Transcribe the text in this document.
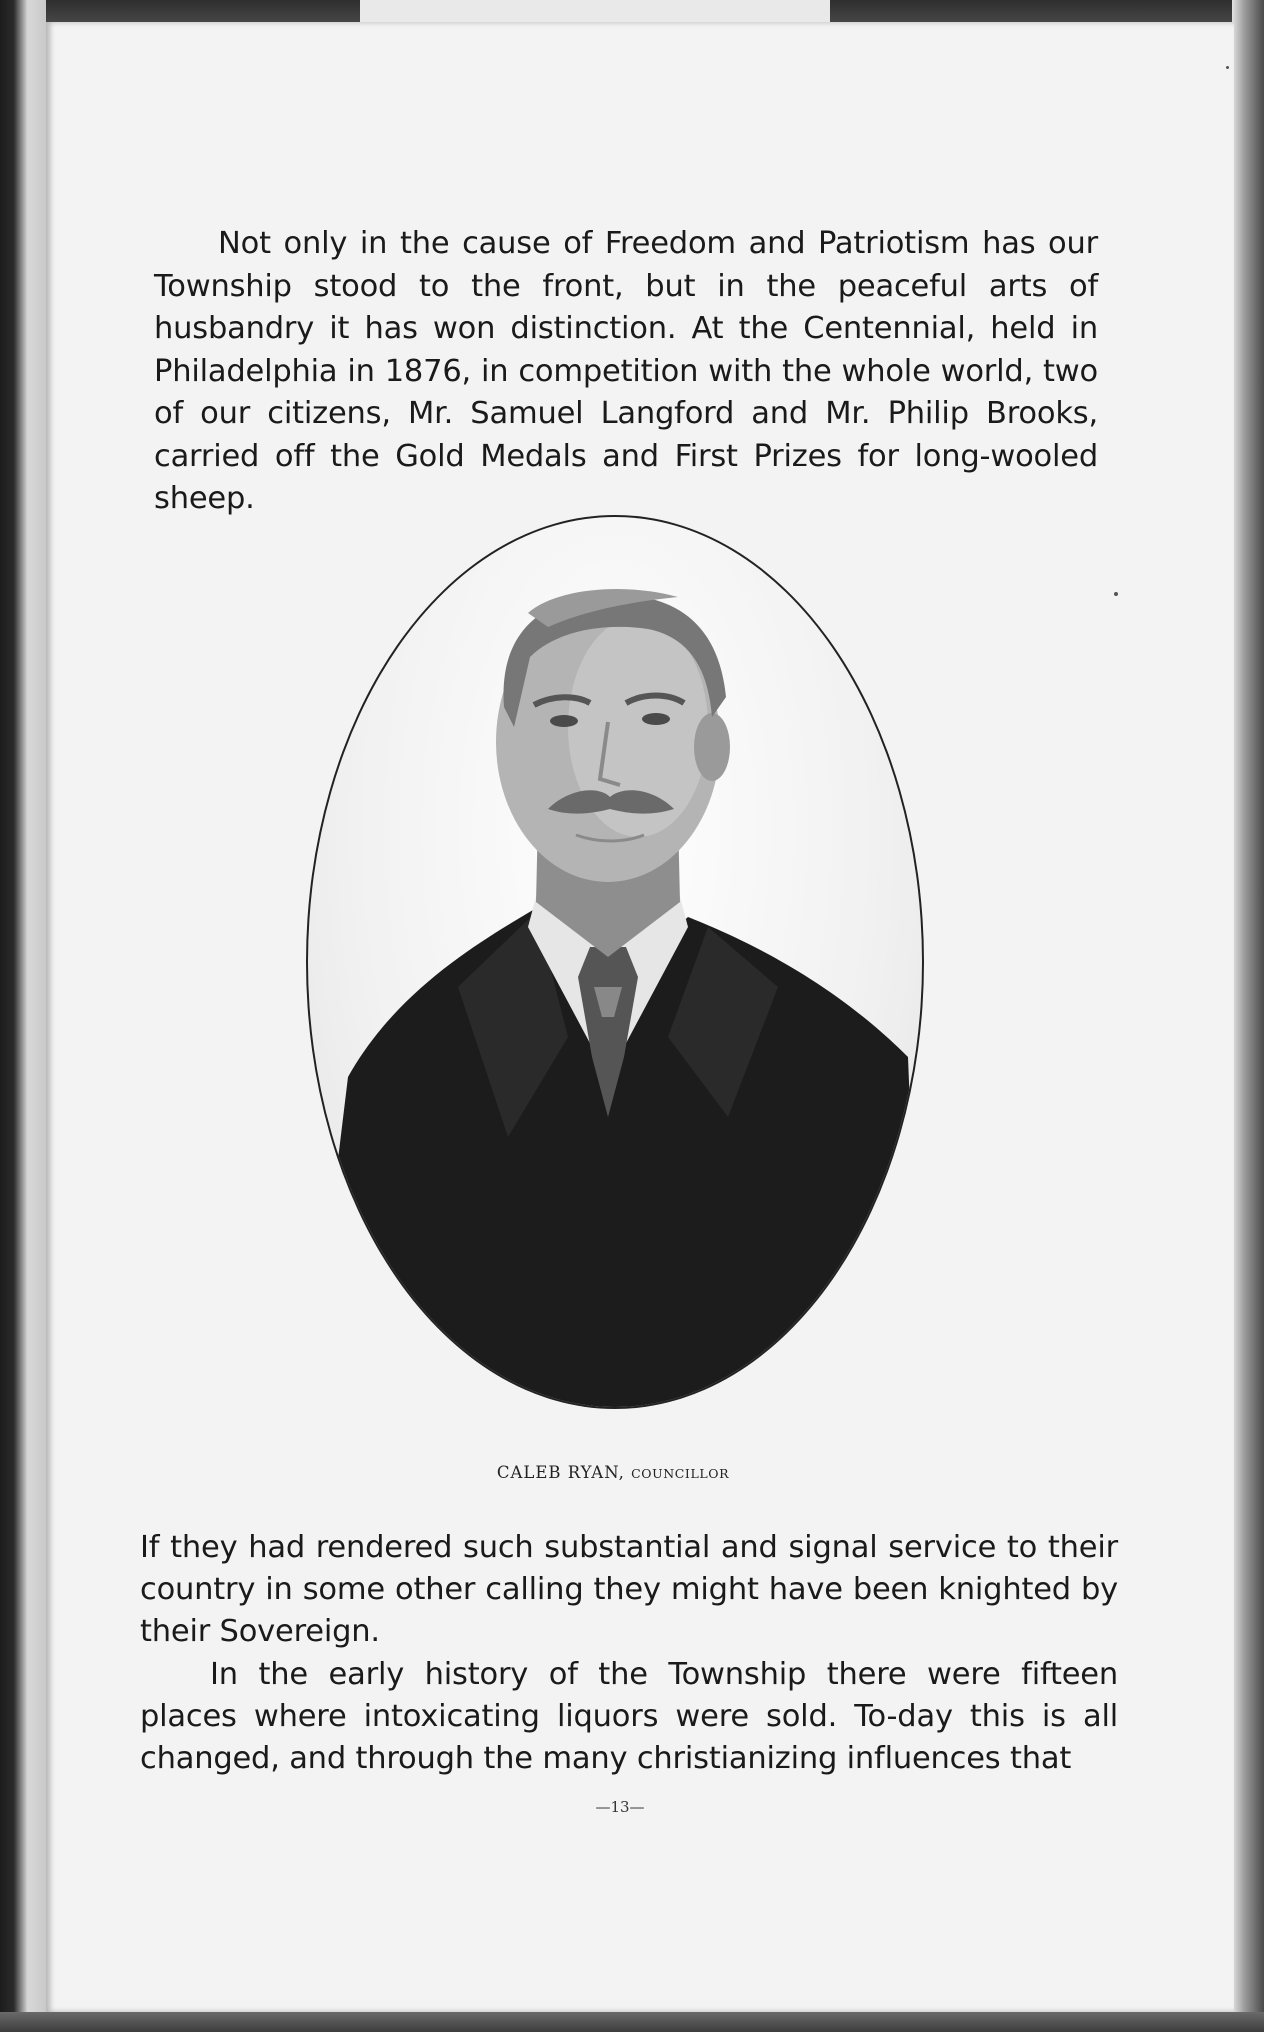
Not only in the cause of Freedom and Patriotism has our Township stood to the front, but in the peaceful arts of husbandry it has won distinction. At the Centennial, held in Philadelphia in 1876, in competition with the whole world, two of our citizens, Mr. Samuel Langford and Mr. Philip Brooks, carried off the Gold Medals and First Prizes for long-wooled sheep.

CALEB RYAN, COUNCILLOR

If they had rendered such substantial and signal service to their country in some other calling they might have been knighted by their Sovereign.

In the early history of the Township there were fifteen places where intoxicating liquors were sold. To-day this is all changed, and through the many christianizing influences that

—13—
